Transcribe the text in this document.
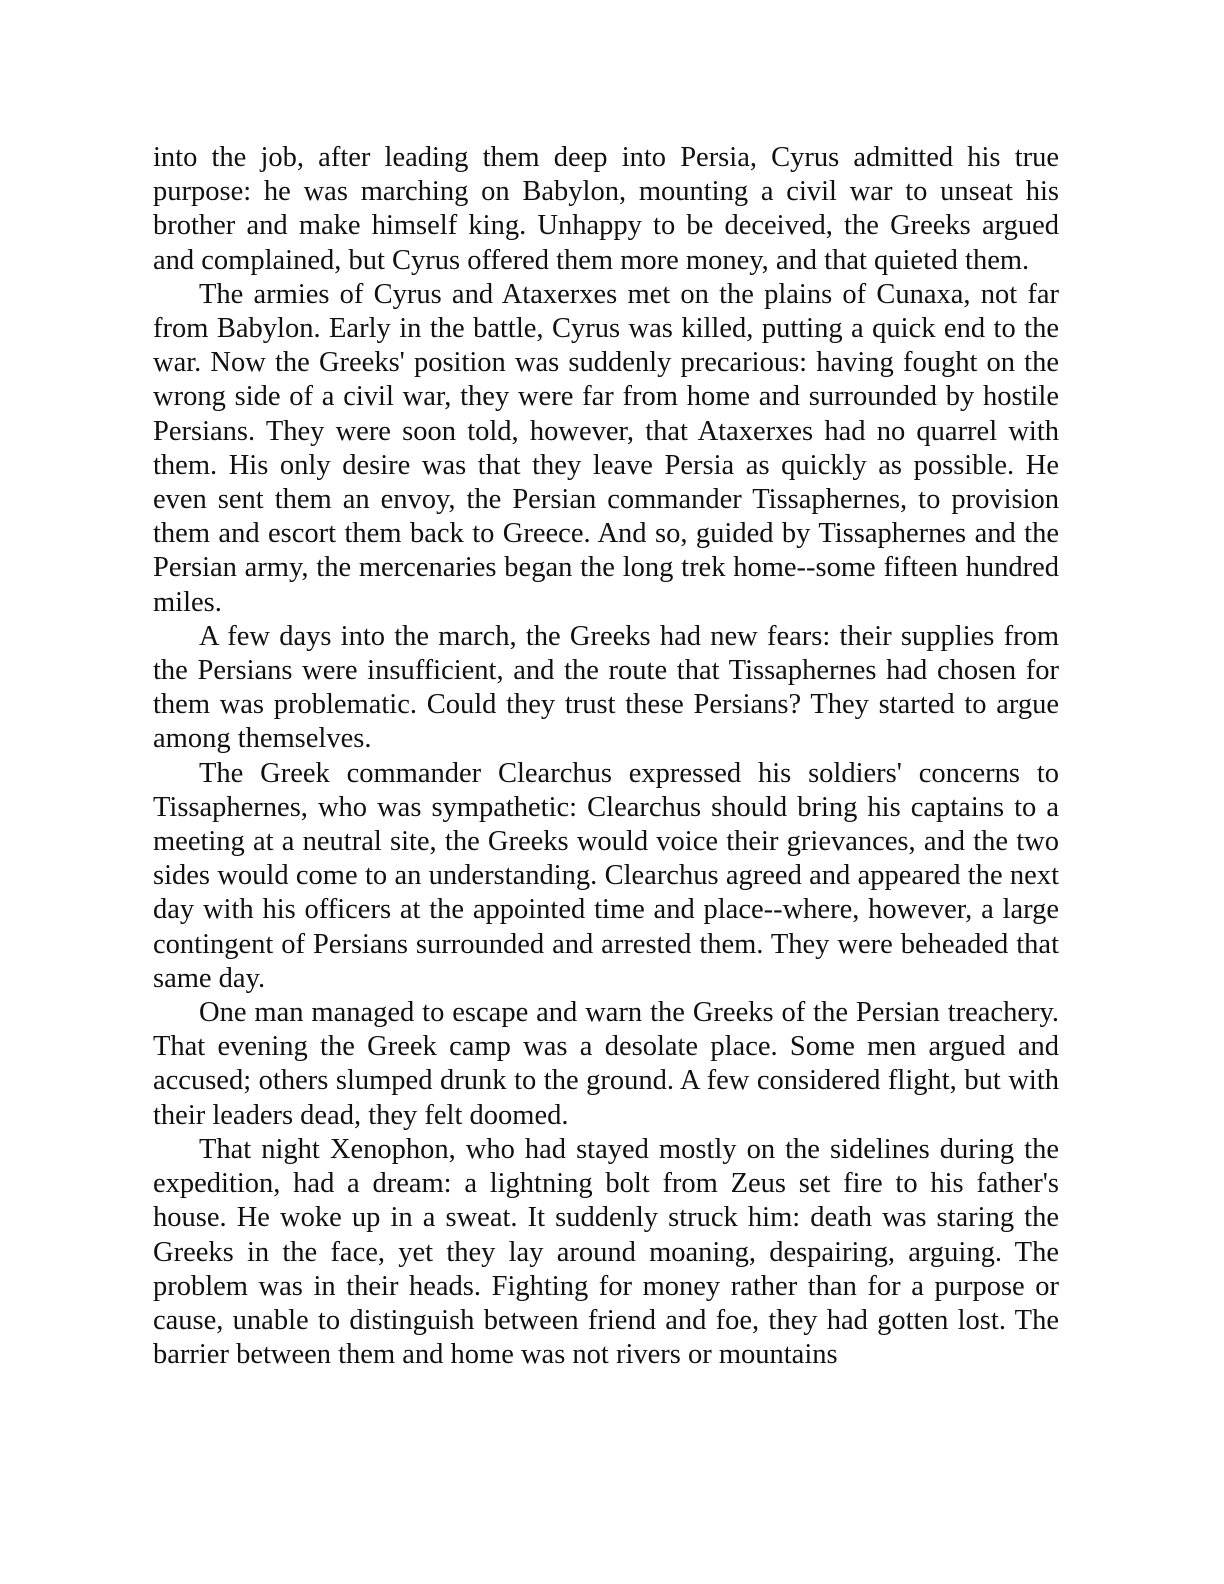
into the job, after leading them deep into Persia, Cyrus admitted his true purpose: he was marching on Babylon, mounting a civil war to unseat his brother and make himself king. Unhappy to be deceived, the Greeks argued and complained, but Cyrus offered them more money, and that quieted them.

The armies of Cyrus and Ataxerxes met on the plains of Cunaxa, not far from Babylon. Early in the battle, Cyrus was killed, putting a quick end to the war. Now the Greeks' position was suddenly precarious: having fought on the wrong side of a civil war, they were far from home and surrounded by hostile Persians. They were soon told, however, that Ataxerxes had no quarrel with them. His only desire was that they leave Persia as quickly as possible. He even sent them an envoy, the Persian commander Tissaphernes, to provision them and escort them back to Greece. And so, guided by Tissaphernes and the Persian army, the mercenaries began the long trek home--some fifteen hundred miles.

A few days into the march, the Greeks had new fears: their supplies from the Persians were insufficient, and the route that Tissaphernes had chosen for them was problematic. Could they trust these Persians? They started to argue among themselves.

The Greek commander Clearchus expressed his soldiers' concerns to Tissaphernes, who was sympathetic: Clearchus should bring his captains to a meeting at a neutral site, the Greeks would voice their grievances, and the two sides would come to an understanding. Clearchus agreed and appeared the next day with his officers at the appointed time and place--where, however, a large contingent of Persians surrounded and arrested them. They were beheaded that same day.

One man managed to escape and warn the Greeks of the Persian treachery. That evening the Greek camp was a desolate place. Some men argued and accused; others slumped drunk to the ground. A few considered flight, but with their leaders dead, they felt doomed.

That night Xenophon, who had stayed mostly on the sidelines during the expedition, had a dream: a lightning bolt from Zeus set fire to his father's house. He woke up in a sweat. It suddenly struck him: death was staring the Greeks in the face, yet they lay around moaning, despairing, arguing. The problem was in their heads. Fighting for money rather than for a purpose or cause, unable to distinguish between friend and foe, they had gotten lost. The barrier between them and home was not rivers or mountains
